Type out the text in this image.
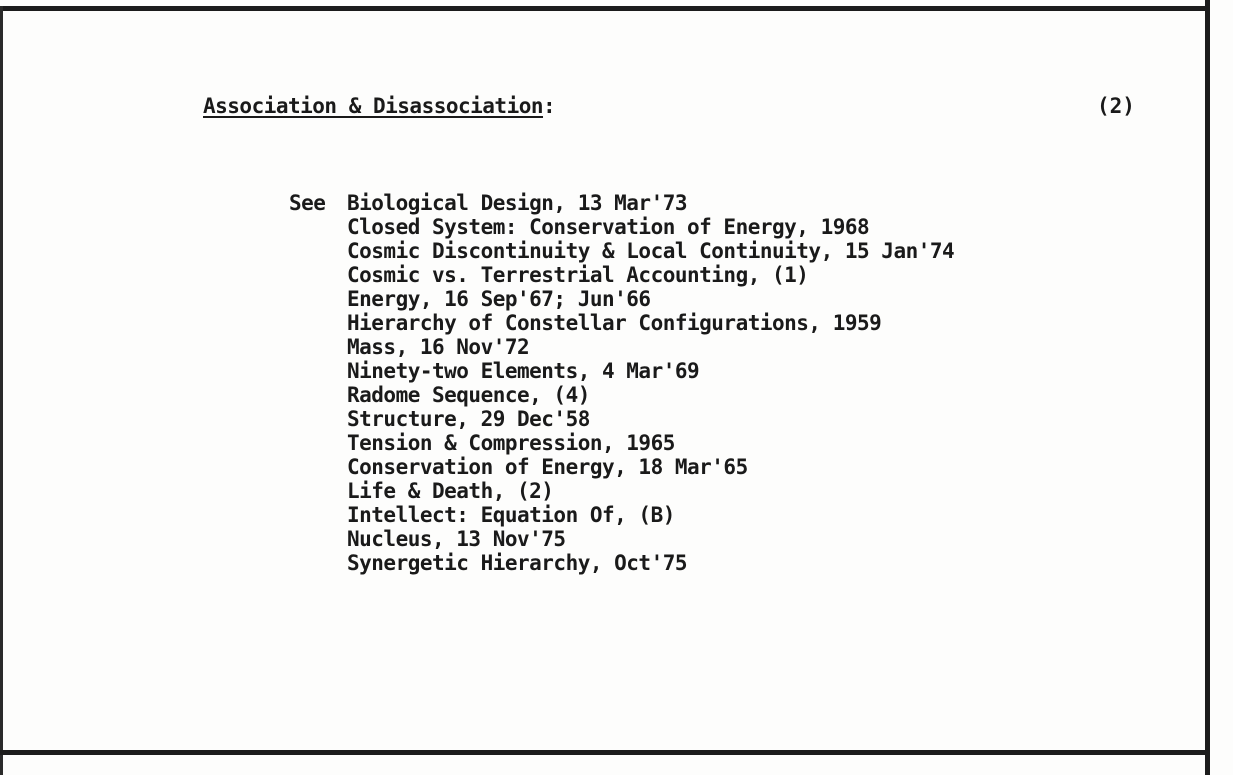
Association & Disassociation:	(2)
See Biological Design, 13 Mar'73
Closed System: Conservation of Energy, 1968
Cosmic Discontinuity & Local Continuity, 15 Jan'74
Cosmic vs. Terrestrial Accounting, (1)
Energy, 16 Sep'67; Jun'66
Hierarchy of Constellar Configurations, 1959
Mass, 16 Nov'72
Ninety-two Elements, 4 Mar'69
Radome Sequence, (4)
Structure, 29 Dec'58
Tension & Compression, 1965
Conservation of Energy, 18 Mar'65
Life & Death, (2)
Intellect: Equation Of, (B)
Nucleus, 13 Nov'75
Synergetic Hierarchy, Oct'75
